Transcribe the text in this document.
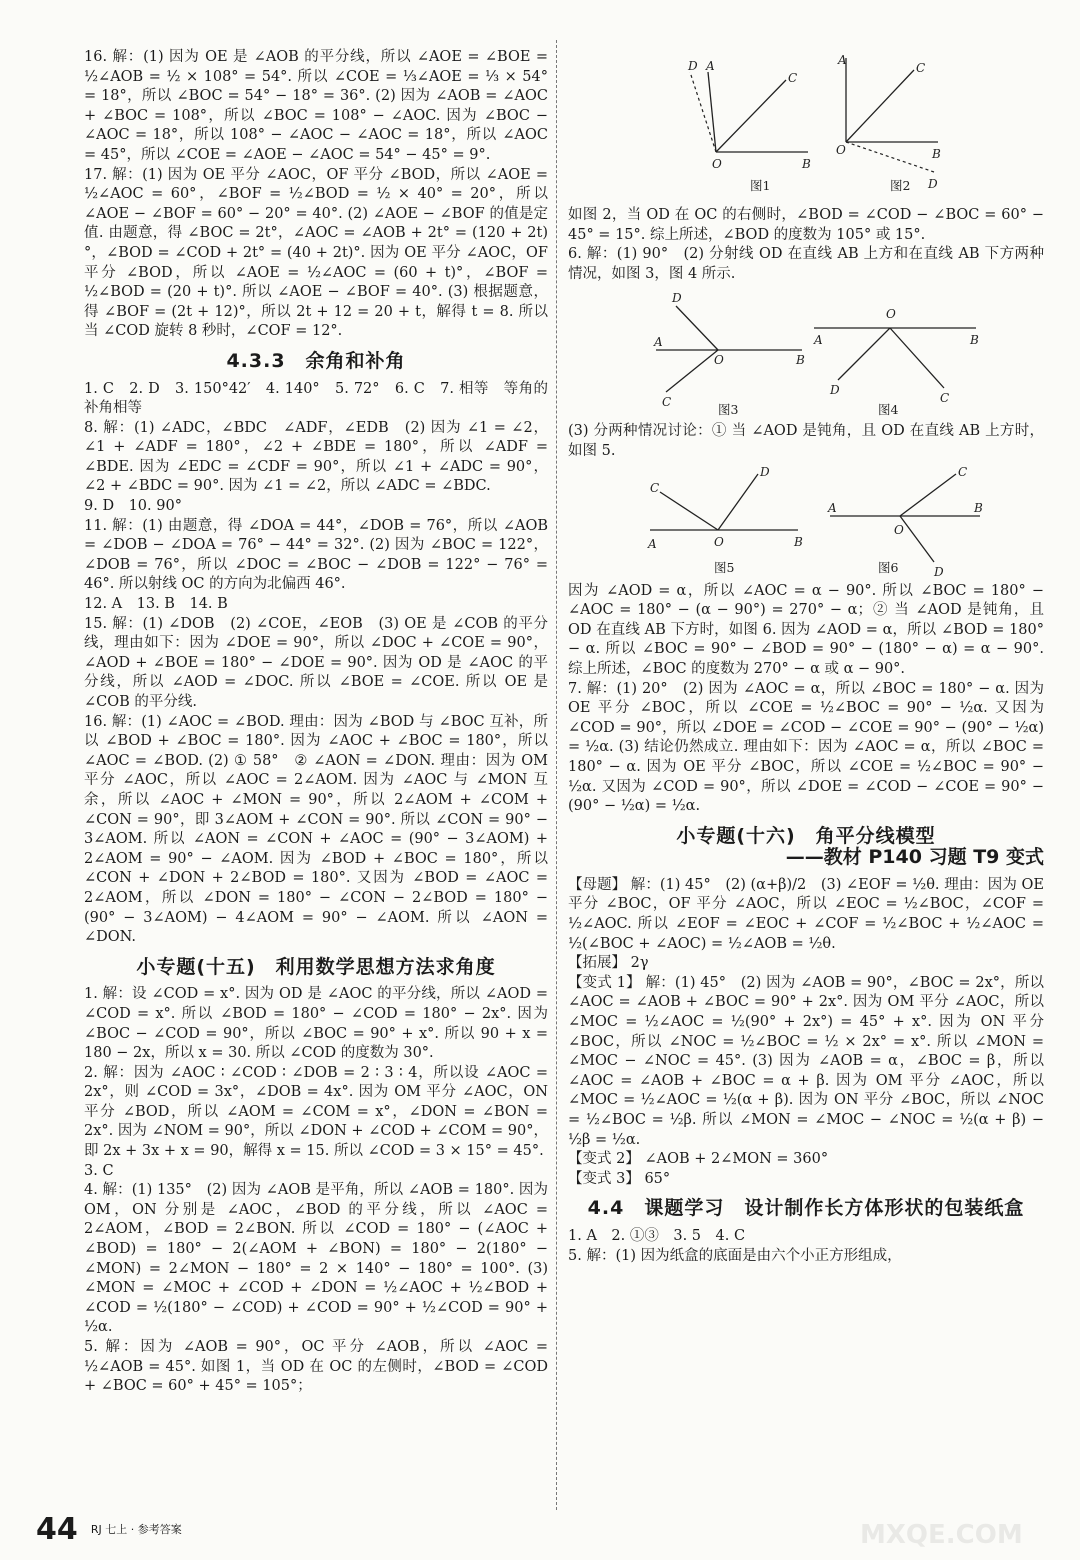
16. 解：(1) 因为 OE 是 ∠AOB 的平分线，所以 ∠AOE = ∠BOE = ½∠AOB = ½ × 108° = 54°. 所以 ∠COE = ⅓∠AOE = ⅓ × 54° = 18°，所以 ∠BOC = 54° − 18° = 36°. (2) 因为 ∠AOB = ∠AOC + ∠BOC = 108°，所以 ∠BOC = 108° − ∠AOC. 因为 ∠BOC − ∠AOC = 18°，所以 108° − ∠AOC − ∠AOC = 18°，所以 ∠AOC = 45°，所以 ∠COE = ∠AOE − ∠AOC = 54° − 45° = 9°.

17. 解：(1) 因为 OE 平分 ∠AOC，OF 平分 ∠BOD，所以 ∠AOE = ½∠AOC = 60°，∠BOF = ½∠BOD = ½ × 40° = 20°，所以 ∠AOE − ∠BOF = 60° − 20° = 40°. (2) ∠AOE − ∠BOF 的值是定值. 由题意，得 ∠BOC = 2t°，∠AOC = ∠AOB + 2t° = (120 + 2t)°，∠BOD = ∠COD + 2t° = (40 + 2t)°. 因为 OE 平分 ∠AOC，OF 平分 ∠BOD，所以 ∠AOE = ½∠AOC = (60 + t)°，∠BOF = ½∠BOD = (20 + t)°. 所以 ∠AOE − ∠BOF = 40°. (3) 根据题意，得 ∠BOF = (2t + 12)°，所以 2t + 12 = 20 + t，解得 t = 8. 所以当 ∠COD 旋转 8 秒时，∠COF = 12°.

4.3.3　余角和补角

1. C　2. D　3. 150°42′　4. 140°　5. 72°　6. C　7. 相等　等角的补角相等

8. 解：(1) ∠ADC，∠BDC　∠ADF，∠EDB　(2) 因为 ∠1 = ∠2，∠1 + ∠ADF = 180°，∠2 + ∠BDE = 180°，所以 ∠ADF = ∠BDE. 因为 ∠EDC = ∠CDF = 90°，所以 ∠1 + ∠ADC = 90°，∠2 + ∠BDC = 90°. 因为 ∠1 = ∠2，所以 ∠ADC = ∠BDC.

9. D　10. 90°

11. 解：(1) 由题意，得 ∠DOA = 44°，∠DOB = 76°，所以 ∠AOB = ∠DOB − ∠DOA = 76° − 44° = 32°. (2) 因为 ∠BOC = 122°，∠DOB = 76°，所以 ∠DOC = ∠BOC − ∠DOB = 122° − 76° = 46°. 所以射线 OC 的方向为北偏西 46°.

12. A　13. B　14. B

15. 解：(1) ∠DOB　(2) ∠COE，∠EOB　(3) OE 是 ∠COB 的平分线，理由如下：因为 ∠DOE = 90°，所以 ∠DOC + ∠COE = 90°，∠AOD + ∠BOE = 180° − ∠DOE = 90°. 因为 OD 是 ∠AOC 的平分线，所以 ∠AOD = ∠DOC. 所以 ∠BOE = ∠COE. 所以 OE 是 ∠COB 的平分线.

16. 解：(1) ∠AOC = ∠BOD. 理由：因为 ∠BOD 与 ∠BOC 互补，所以 ∠BOD + ∠BOC = 180°. 因为 ∠AOC + ∠BOC = 180°，所以 ∠AOC = ∠BOD. (2) ① 58°　② ∠AON = ∠DON. 理由：因为 OM 平分 ∠AOC，所以 ∠AOC = 2∠AOM. 因为 ∠AOC 与 ∠MON 互余，所以 ∠AOC + ∠MON = 90°，所以 2∠AOM + ∠COM + ∠CON = 90°，即 3∠AOM + ∠CON = 90°. 所以 ∠CON = 90° − 3∠AOM. 所以 ∠AON = ∠CON + ∠AOC = (90° − 3∠AOM) + 2∠AOM = 90° − ∠AOM. 因为 ∠BOD + ∠BOC = 180°，所以 ∠CON + ∠DON + 2∠BOD = 180°. 又因为 ∠BOD = ∠AOC = 2∠AOM，所以 ∠DON = 180° − ∠CON − 2∠BOD = 180° − (90° − 3∠AOM) − 4∠AOM = 90° − ∠AOM. 所以 ∠AON = ∠DON.

小专题(十五)　利用数学思想方法求角度

1. 解：设 ∠COD = x°. 因为 OD 是 ∠AOC 的平分线，所以 ∠AOD = ∠COD = x°. 所以 ∠BOD = 180° − ∠COD = 180° − 2x°. 因为 ∠BOC − ∠COD = 90°，所以 ∠BOC = 90° + x°. 所以 90 + x = 180 − 2x，所以 x = 30. 所以 ∠COD 的度数为 30°.

2. 解：因为 ∠AOC ∶ ∠COD ∶ ∠DOB = 2 ∶ 3 ∶ 4，所以设 ∠AOC = 2x°，则 ∠COD = 3x°，∠DOB = 4x°. 因为 OM 平分 ∠AOC，ON 平分 ∠BOD，所以 ∠AOM = ∠COM = x°，∠DON = ∠BON = 2x°. 因为 ∠NOM = 90°，所以 ∠DON + ∠COD + ∠COM = 90°，即 2x + 3x + x = 90，解得 x = 15. 所以 ∠COD = 3 × 15° = 45°.

3. C

4. 解：(1) 135°　(2) 因为 ∠AOB 是平角，所以 ∠AOB = 180°. 因为 OM，ON 分别是 ∠AOC，∠BOD 的平分线，所以 ∠AOC = 2∠AOM，∠BOD = 2∠BON. 所以 ∠COD = 180° − (∠AOC + ∠BOD) = 180° − 2(∠AOM + ∠BON) = 180° − 2(180° − ∠MON) = 2∠MON − 180° = 2 × 140° − 180° = 100°. (3) ∠MON = ∠MOC + ∠COD + ∠DON = ½∠AOC + ½∠BOD + ∠COD = ½(180° − ∠COD) + ∠COD = 90° + ½∠COD = 90° + ½α.

5. 解：因为 ∠AOB = 90°，OC 平分 ∠AOB，所以 ∠AOC = ½∠AOB = 45°. 如图 1，当 OD 在 OC 的左侧时，∠BOD = ∠COD + ∠BOC = 60° + 45° = 105°；

D A
C
O	B
图1
A
C
O	B
D
图2

如图 2，当 OD 在 OC 的右侧时，∠BOD = ∠COD − ∠BOC = 60° − 45° = 15°. 综上所述，∠BOD 的度数为 105° 或 15°.

6. 解：(1) 90°　(2) 分射线 OD 在直线 AB 上方和在直线 AB 下方两种情况，如图 3，图 4 所示.

D
A
O	B
C	图3
O
A	B
D
C
图4

(3) 分两种情况讨论：① 当 ∠AOD 是钝角，且 OD 在直线 AB 上方时，如图 5.

C
D
A	O	B
图5
C
A
O
B
D
图6

因为 ∠AOD = α，所以 ∠AOC = α − 90°. 所以 ∠BOC = 180° − ∠AOC = 180° − (α − 90°) = 270° − α；② 当 ∠AOD 是钝角，且 OD 在直线 AB 下方时，如图 6. 因为 ∠AOD = α，所以 ∠BOD = 180° − α. 所以 ∠BOC = 90° − ∠BOD = 90° − (180° − α) = α − 90°. 综上所述，∠BOC 的度数为 270° − α 或 α − 90°.

7. 解：(1) 20°　(2) 因为 ∠AOC = α，所以 ∠BOC = 180° − α. 因为 OE 平分 ∠BOC，所以 ∠COE = ½∠BOC = 90° − ½α. 又因为 ∠COD = 90°，所以 ∠DOE = ∠COD − ∠COE = 90° − (90° − ½α) = ½α. (3) 结论仍然成立. 理由如下：因为 ∠AOC = α，所以 ∠BOC = 180° − α. 因为 OE 平分 ∠BOC，所以 ∠COE = ½∠BOC = 90° − ½α. 又因为 ∠COD = 90°，所以 ∠DOE = ∠COD − ∠COE = 90° − (90° − ½α) = ½α.

小专题(十六)　角平分线模型
——教材 P140 习题 T9 变式

【母题】 解：(1) 45°　(2) (α+β)/2　(3) ∠EOF = ½θ. 理由：因为 OE 平分 ∠BOC，OF 平分 ∠AOC，所以 ∠EOC = ½∠BOC，∠COF = ½∠AOC. 所以 ∠EOF = ∠EOC + ∠COF = ½∠BOC + ½∠AOC = ½(∠BOC + ∠AOC) = ½∠AOB = ½θ.

【拓展】 2γ

【变式 1】 解：(1) 45°　(2) 因为 ∠AOB = 90°，∠BOC = 2x°，所以 ∠AOC = ∠AOB + ∠BOC = 90° + 2x°. 因为 OM 平分 ∠AOC，所以 ∠MOC = ½∠AOC = ½(90° + 2x°) = 45° + x°. 因为 ON 平分 ∠BOC，所以 ∠NOC = ½∠BOC = ½ × 2x° = x°. 所以 ∠MON = ∠MOC − ∠NOC = 45°. (3) 因为 ∠AOB = α，∠BOC = β，所以 ∠AOC = ∠AOB + ∠BOC = α + β. 因为 OM 平分 ∠AOC，所以 ∠MOC = ½∠AOC = ½(α + β). 因为 ON 平分 ∠BOC，所以 ∠NOC = ½∠BOC = ½β. 所以 ∠MON = ∠MOC − ∠NOC = ½(α + β) − ½β = ½α.

【变式 2】 ∠AOB + 2∠MON = 360°

【变式 3】 65°

4.4　课题学习　设计制作长方体形状的包装纸盒

1. A　2. ①③　3. 5　4. C

5. 解：(1) 因为纸盒的底面是由六个小正方形组成，

44 $^{RJ 七上 \cdot 参考答案}$	MXQE.COM
